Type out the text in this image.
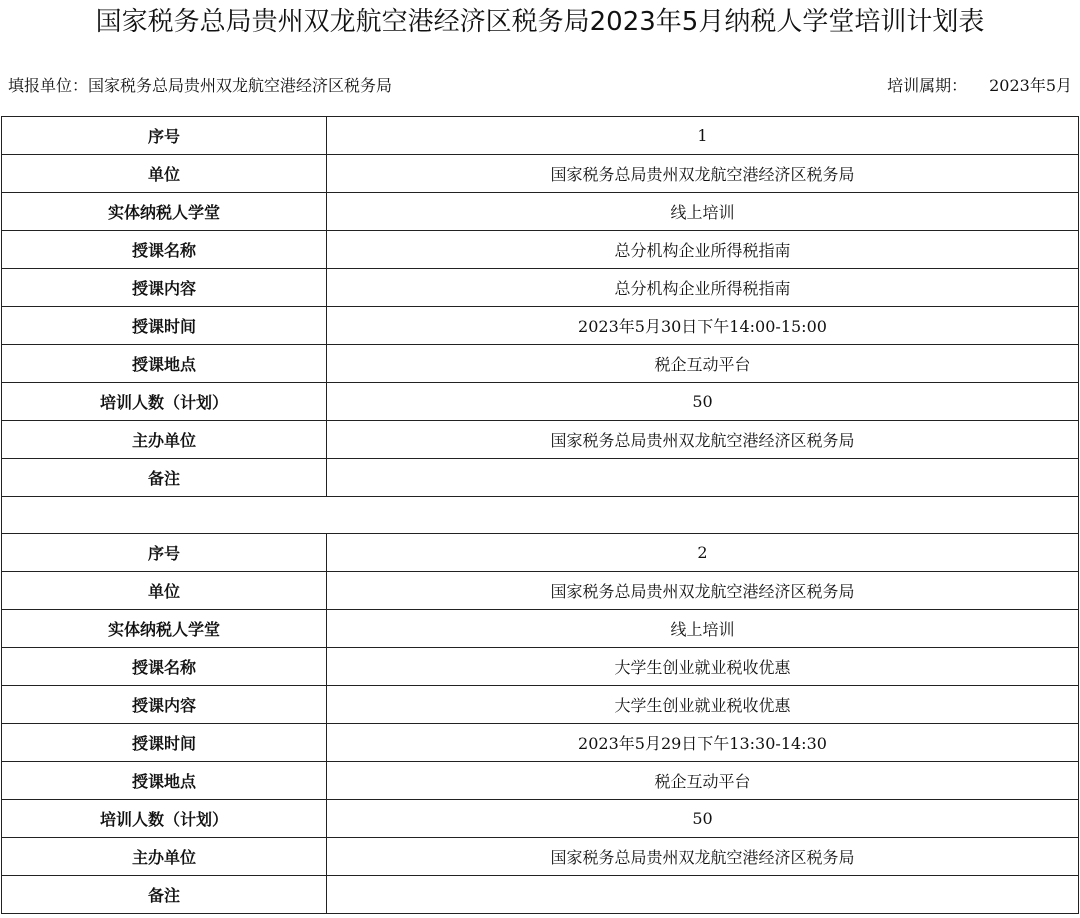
国家税务总局贵州双龙航空港经济区税务局2023年5月纳税人学堂培训计划表
填报单位：国家税务总局贵州双龙航空港经济区税务局	培训属期： 2023年5月
序号	1
单位	国家税务总局贵州双龙航空港经济区税务局
实体纳税人学堂	线上培训
授课名称	总分机构企业所得税指南
授课内容	总分机构企业所得税指南
授课时间	2023年5月30日下午14:00-15:00
授课地点	税企互动平台
培训人数（计划）	50
主办单位	国家税务总局贵州双龙航空港经济区税务局
备注	

序号	2
单位	国家税务总局贵州双龙航空港经济区税务局
实体纳税人学堂	线上培训
授课名称	大学生创业就业税收优惠
授课内容	大学生创业就业税收优惠
授课时间	2023年5月29日下午13:30-14:30
授课地点	税企互动平台
培训人数（计划）	50
主办单位	国家税务总局贵州双龙航空港经济区税务局
备注	
